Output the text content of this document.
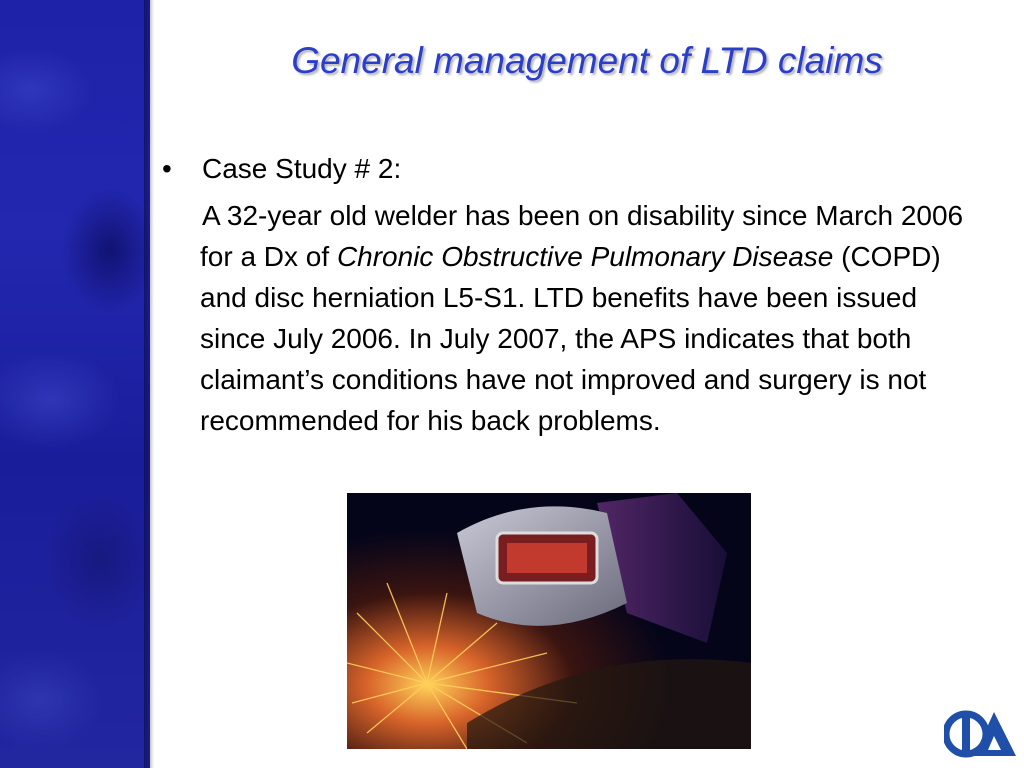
General management of LTD claims
•	Case Study # 2:
A 32-year old welder has been on disability since March 2006 for a Dx of Chronic Obstructive Pulmonary Disease (COPD) and disc herniation L5-S1. LTD benefits have been issued since July 2006. In July 2007, the APS indicates that both claimant’s conditions have not improved and surgery is not recommended for his back problems.
